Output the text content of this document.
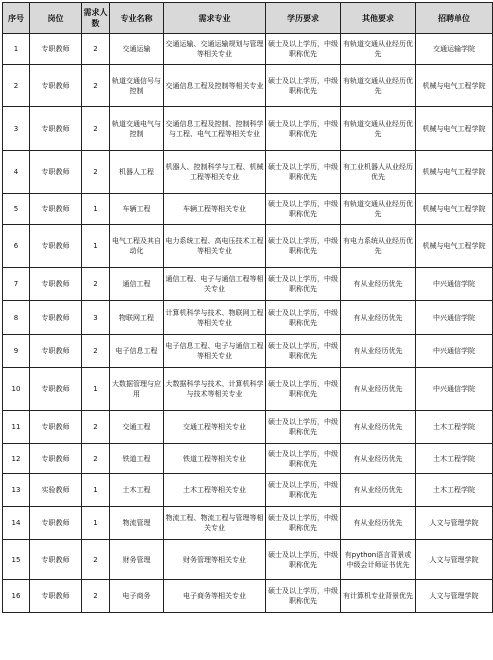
序号	岗位	需求人数	专业名称	需求专业	学历要求	其他要求	招聘单位
1	专职教师	2	交通运输	交通运输、交通运输规划与管理等相关专业	硕士及以上学历，中级职称优先	有轨道交通从业经历优先	交通运输学院
2	专职教师	2	轨道交通信号与控制	交通信息工程及控制等相关专业	硕士及以上学历，中级职称优先	有轨道交通从业经历优先	机械与电气工程学院
3	专职教师	2	轨道交通电气与控制	交通信息工程及控制、控制科学与工程、电气工程等相关专业	硕士及以上学历，中级职称优先	有轨道交通从业经历优先	机械与电气工程学院
4	专职教师	2	机器人工程	机器人、控制科学与工程、机械工程等相关专业	硕士及以上学历，中级职称优先	有工业机器人从业经历优先	机械与电气工程学院
5	专职教师	1	车辆工程	车辆工程等相关专业	硕士及以上学历，中级职称优先	有轨道交通从业经历优先	机械与电气工程学院
6	专职教师	1	电气工程及其自动化	电力系统工程、高电压技术工程等相关专业	硕士及以上学历，中级职称优先	有电力系统从业经历优先	机械与电气工程学院
7	专职教师	2	通信工程	通信工程、电子与通信工程等相关专业	硕士及以上学历，中级职称优先	有从业经历优先	中兴通信学院
8	专职教师	3	物联网工程	计算机科学与技术、物联网工程等相关专业	硕士及以上学历，中级职称优先	有从业经历优先	中兴通信学院
9	专职教师	2	电子信息工程	电子信息工程、电子与通信工程等相关专业	硕士及以上学历，中级职称优先	有从业经历优先	中兴通信学院
10	专职教师	1	大数据管理与应用	大数据科学与技术、计算机科学与技术等相关专业	硕士及以上学历，中级职称优先	有从业经历优先	中兴通信学院
11	专职教师	2	交通工程	交通工程等相关专业	硕士及以上学历，中级职称优先	有从业经历优先	土木工程学院
12	专职教师	2	铁道工程	铁道工程等相关专业	硕士及以上学历，中级职称优先	有从业经历优先	土木工程学院
13	实验教师	1	土木工程	土木工程等相关专业	硕士及以上学历，中级职称优先	有从业经历优先	土木工程学院
14	专职教师	1	物流管理	物流工程、物流工程与管理等相关专业	硕士及以上学历，中级职称优先	有从业经历优先	人文与管理学院
15	专职教师	2	财务管理	财务管理等相关专业	硕士及以上学历，中级职称优先	有python语言背景或中级会计师证书优先	人文与管理学院
16	专职教师	2	电子商务	电子商务等相关专业	硕士及以上学历，中级职称优先	有计算机专业背景优先	人文与管理学院
